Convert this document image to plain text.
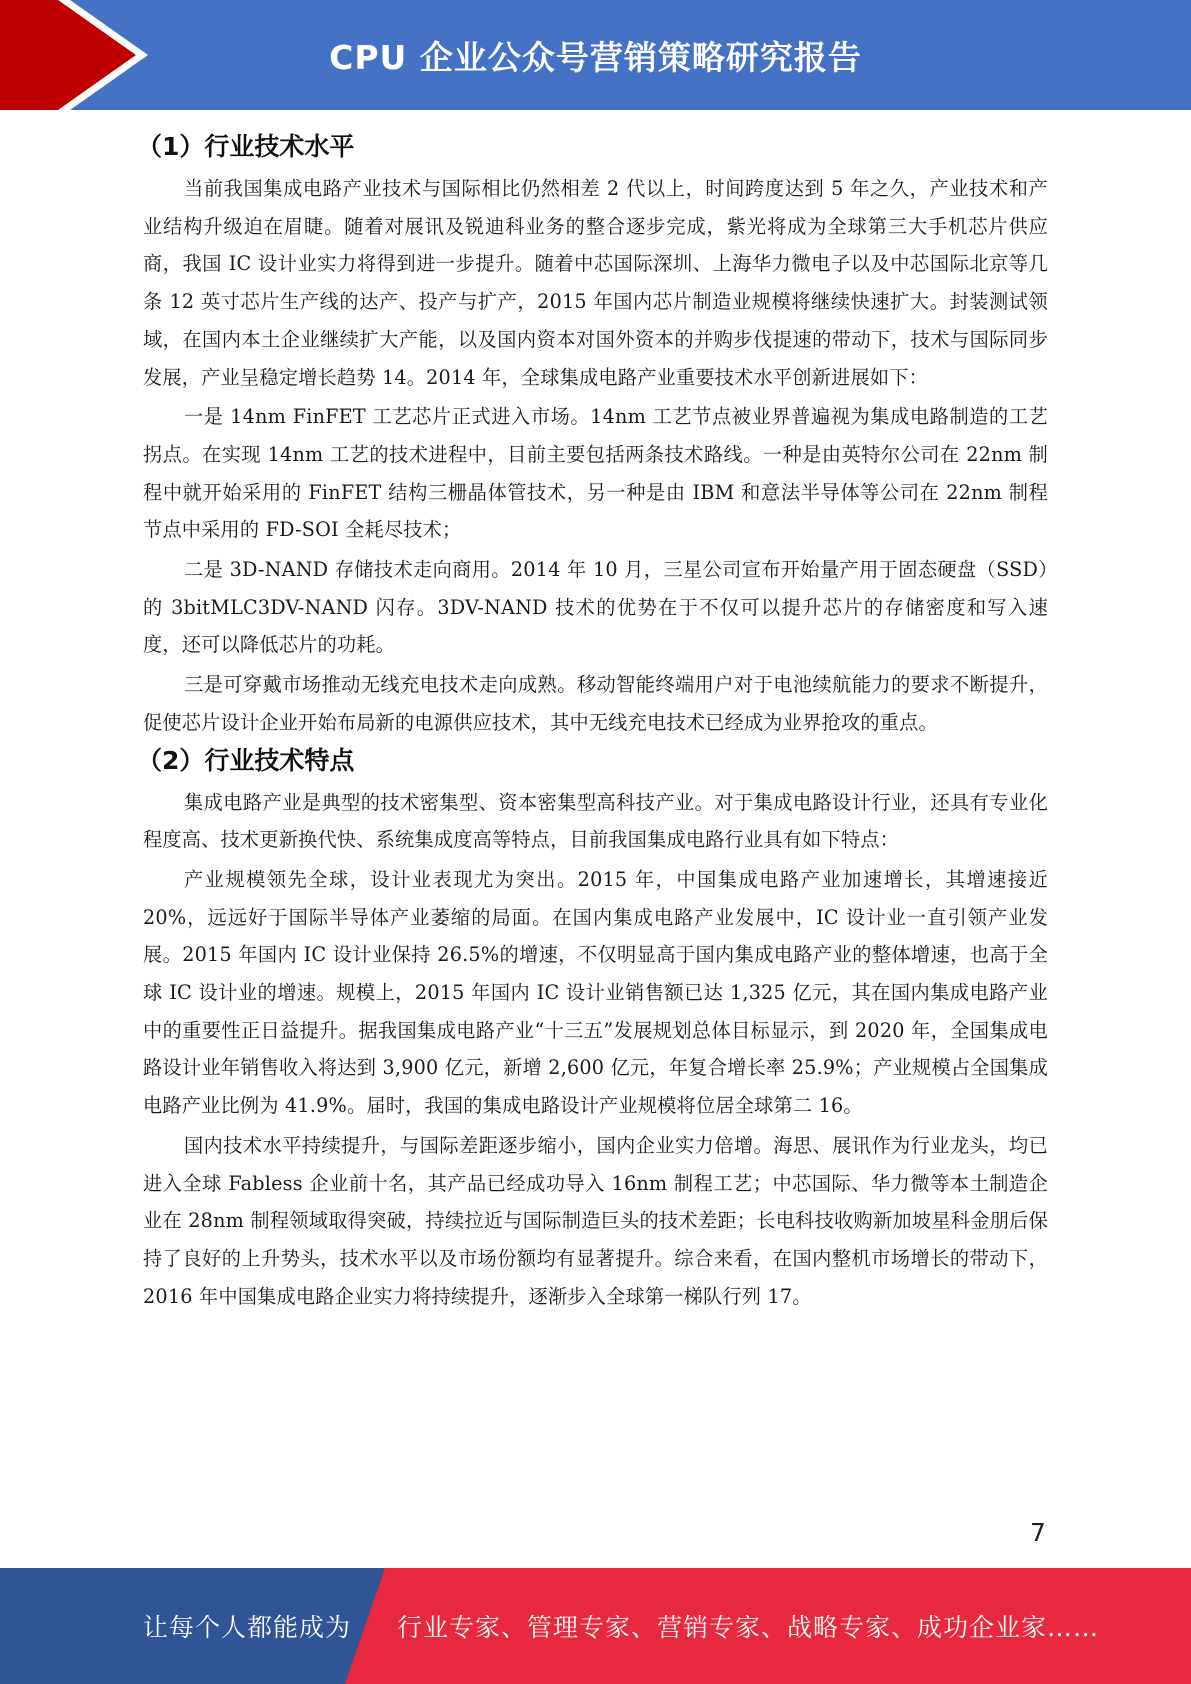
CPU 企业公众号营销策略研究报告
（1）行业技术水平

当前我国集成电路产业技术与国际相比仍然相差 2 代以上，时间跨度达到 5 年之久，产业技术和产业结构升级迫在眉睫。随着对展讯及锐迪科业务的整合逐步完成，紫光将成为全球第三大手机芯片供应商，我国 IC 设计业实力将得到进一步提升。随着中芯国际深圳、上海华力微电子以及中芯国际北京等几条 12 英寸芯片生产线的达产、投产与扩产，2015 年国内芯片制造业规模将继续快速扩大。封装测试领域，在国内本土企业继续扩大产能，以及国内资本对国外资本的并购步伐提速的带动下，技术与国际同步发展，产业呈稳定增长趋势 14。2014 年，全球集成电路产业重要技术水平创新进展如下：

一是 14nm FinFET 工艺芯片正式进入市场。14nm 工艺节点被业界普遍视为集成电路制造的工艺拐点。在实现 14nm 工艺的技术进程中，目前主要包括两条技术路线。一种是由英特尔公司在 22nm 制程中就开始采用的 FinFET 结构三栅晶体管技术，另一种是由 IBM 和意法半导体等公司在 22nm 制程节点中采用的 FD-SOI 全耗尽技术；

二是 3D-NAND 存储技术走向商用。2014 年 10 月，三星公司宣布开始量产用于固态硬盘（SSD）的 3bitMLC3DV-NAND 闪存。3DV-NAND 技术的优势在于不仅可以提升芯片的存储密度和写入速度，还可以降低芯片的功耗。

三是可穿戴市场推动无线充电技术走向成熟。移动智能终端用户对于电池续航能力的要求不断提升，促使芯片设计企业开始布局新的电源供应技术，其中无线充电技术已经成为业界抢攻的重点。

（2）行业技术特点

集成电路产业是典型的技术密集型、资本密集型高科技产业。对于集成电路设计行业，还具有专业化程度高、技术更新换代快、系统集成度高等特点，目前我国集成电路行业具有如下特点：

产业规模领先全球，设计业表现尤为突出。2015 年，中国集成电路产业加速增长，其增速接近 20%，远远好于国际半导体产业萎缩的局面。在国内集成电路产业发展中，IC 设计业一直引领产业发展。2015 年国内 IC 设计业保持 26.5%的增速，不仅明显高于国内集成电路产业的整体增速，也高于全球 IC 设计业的增速。规模上，2015 年国内 IC 设计业销售额已达 1,325 亿元，其在国内集成电路产业中的重要性正日益提升。据我国集成电路产业“十三五”发展规划总体目标显示，到 2020 年，全国集成电路设计业年销售收入将达到 3,900 亿元，新增 2,600 亿元，年复合增长率 25.9%；产业规模占全国集成电路产业比例为 41.9%。届时，我国的集成电路设计产业规模将位居全球第二 16。

国内技术水平持续提升，与国际差距逐步缩小，国内企业实力倍增。海思、展讯作为行业龙头，均已进入全球 Fabless 企业前十名，其产品已经成功导入 16nm 制程工艺；中芯国际、华力微等本土制造企业在 28nm 制程领域取得突破，持续拉近与国际制造巨头的技术差距；长电科技收购新加坡星科金朋后保持了良好的上升势头，技术水平以及市场份额均有显著提升。综合来看，在国内整机市场增长的带动下，2016 年中国集成电路企业实力将持续提升，逐渐步入全球第一梯队行列 17。

7
让每个人都能成为 行业专家、管理专家、营销专家、战略专家、成功企业家……
